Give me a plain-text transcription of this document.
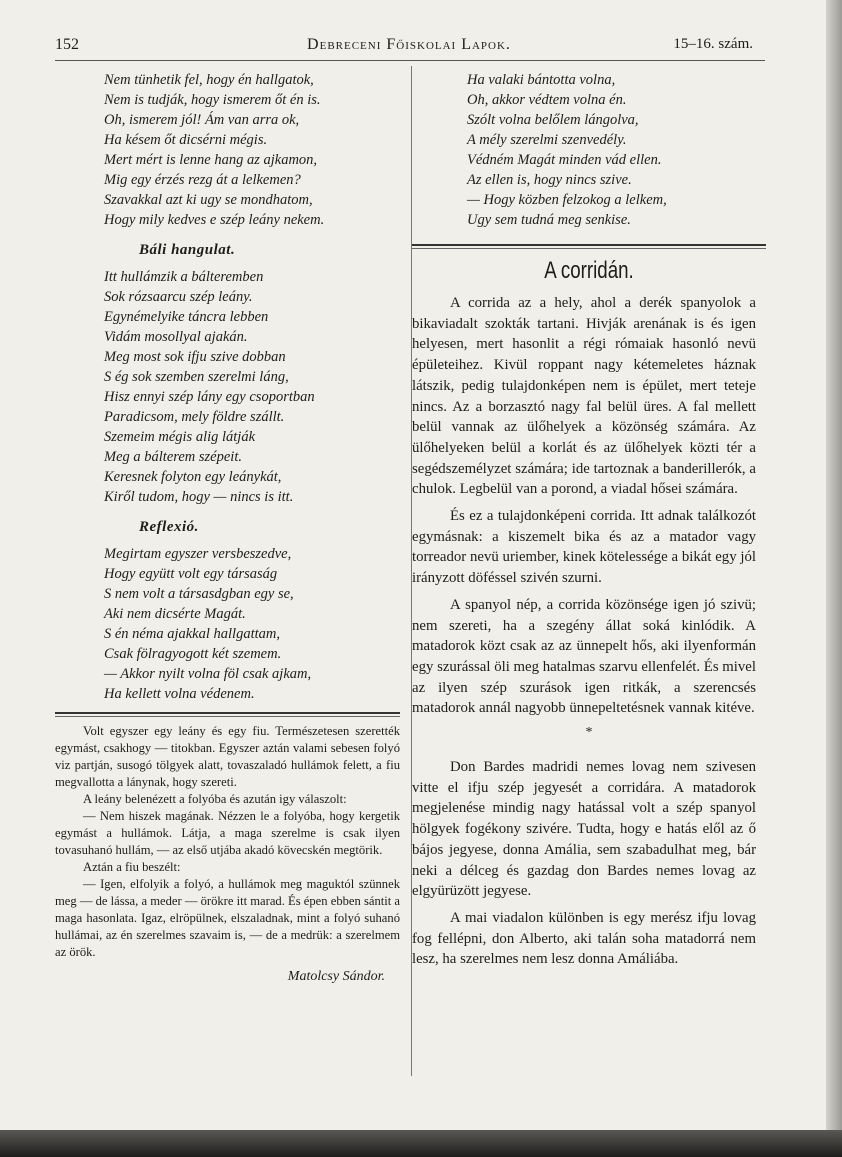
152	Debreceni Főiskolai Lapok.	15–16. szám.
Nem tünhetik fel, hogy én hallgatok,
Nem is tudják, hogy ismerem őt én is.
Oh, ismerem jól! Ám van arra ok,
Ha késem őt dicsérni mégis.
Mert mért is lenne hang az ajkamon,
Mig egy érzés rezg át a lelkemen?
Szavakkal azt ki ugy se mondhatom,
Hogy mily kedves e szép leány nekem.
Báli hangulat.
Itt hullámzik a bálteremben
Sok rózsaarcu szép leány.
Egynémelyike táncra lebben
Vidám mosollyal ajakán.
Meg most sok ifju szive dobban
S ég sok szemben szerelmi láng,
Hisz ennyi szép lány egy csoportban
Paradicsom, mely földre szállt.
Szemeim mégis alig látják
Meg a bálterem szépeit.
Keresnek folyton egy leánykát,
Kiről tudom, hogy — nincs is itt.
Reflexió.
Megirtam egyszer versbeszedve,
Hogy együtt volt egy társaság
S nem volt a társasdgban egy se,
Aki nem dicsérte Magát.
S én néma ajakkal hallgattam,
Csak fölragyogott két szemem.
— Akkor nyilt volna föl csak ajkam,
Ha kellett volna védenem.

Volt egyszer egy leány és egy fiu. Természetesen szerették egymást, csakhogy — titokban. Egyszer aztán valami sebesen folyó viz partján, susogó tölgyek alatt, tovaszaladó hullámok felett, a fiu megvallotta a lánynak, hogy szereti.

A leány belenézett a folyóba és azután igy válaszolt:

— Nem hiszek magának. Nézzen le a folyóba, hogy kergetik egymást a hullámok. Látja, a maga szerelme is csak ilyen tovasuhanó hullám, — az első utjába akadó kövecskén megtörik.

Aztán a fiu beszélt:

— Igen, elfolyik a folyó, a hullámok meg maguktól szünnek meg — de lássa, a meder — örökre itt marad. És épen ebben sántit a maga hasonlata. Igaz, elröpülnek, elszaladnak, mint a folyó suhanó hullámai, az én szerelmes szavaim is, — de a medrük: a szerelmem az örök.

Matolcsy Sándor.
Ha valaki bántotta volna,
Oh, akkor védtem volna én.
Szólt volna belőlem lángolva,
A mély szerelmi szenvedély.
Védném Magát minden vád ellen.
Az ellen is, hogy nincs szive.
— Hogy közben felzokog a lelkem,
Ugy sem tudná meg senkise.
A corridán.

A corrida az a hely, ahol a derék spanyolok a bikaviadalt szokták tartani. Hivják arenának is és igen helyesen, mert hasonlit a régi rómaiak hasonló nevü épületeihez. Kivül roppant nagy kétemeletes háznak látszik, pedig tulajdonképen nem is épület, mert teteje nincs. Az a borzasztó nagy fal belül üres. A fal mellett belül vannak az ülőhelyek a közönség számára. Az ülőhelyeken belül a korlát és az ülőhelyek közti tér a segédszemélyzet számára; ide tartoznak a banderillerók, a chulok. Legbelül van a porond, a viadal hősei számára.

És ez a tulajdonképeni corrida. Itt adnak találkozót egymásnak: a kiszemelt bika és az a matador vagy torreador nevü uriember, kinek kötelessége a bikát egy jól irányzott döféssel szivén szurni.

A spanyol nép, a corrida közönsége igen jó szivü; nem szereti, ha a szegény állat soká kinlódik. A matadorok közt csak az az ünnepelt hős, aki ilyenformán egy szurással öli meg hatalmas szarvu ellenfelét. És mivel az ilyen szép szurások igen ritkák, a szerencsés matadorok annál nagyobb ünnepeltetésnek vannak kitéve.

*

Don Bardes madridi nemes lovag nem szivesen vitte el ifju szép jegyesét a corridára. A matadorok megjelenése mindig nagy hatással volt a szép spanyol hölgyek fogékony szivére. Tudta, hogy e hatás elől az ő bájos jegyese, donna Amália, sem szabadulhat meg, bár neki a délceg és gazdag don Bardes nemes lovag az elgyürüzött jegyese.

A mai viadalon különben is egy merész ifju lovag fog fellépni, don Alberto, aki talán soha matadorrá nem lesz, ha szerelmes nem lesz donna Amáliába.
